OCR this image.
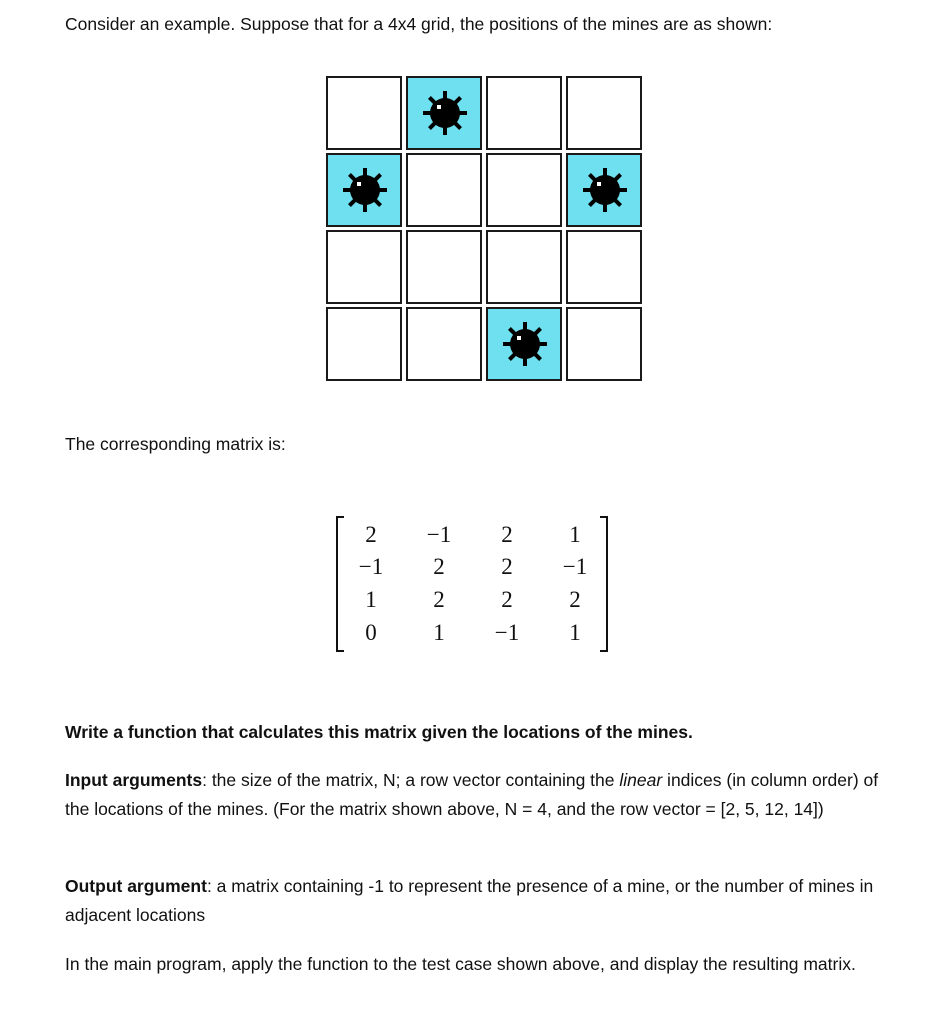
Consider an example. Suppose that for a 4x4 grid, the positions of the mines are as shown:

The corresponding matrix is:

2	−1	2	1
−1	2	2	−1
1	2	2	2
0	1	−1	1

Write a function that calculates this matrix given the locations of the mines.

Input arguments: the size of the matrix, N; a row vector containing the linear indices (in column order) of the locations of the mines. (For the matrix shown above, N = 4, and the row vector = [2, 5, 12, 14])

Output argument: a matrix containing -1 to represent the presence of a mine, or the number of mines in adjacent locations

In the main program, apply the function to the test case shown above, and display the resulting matrix.
